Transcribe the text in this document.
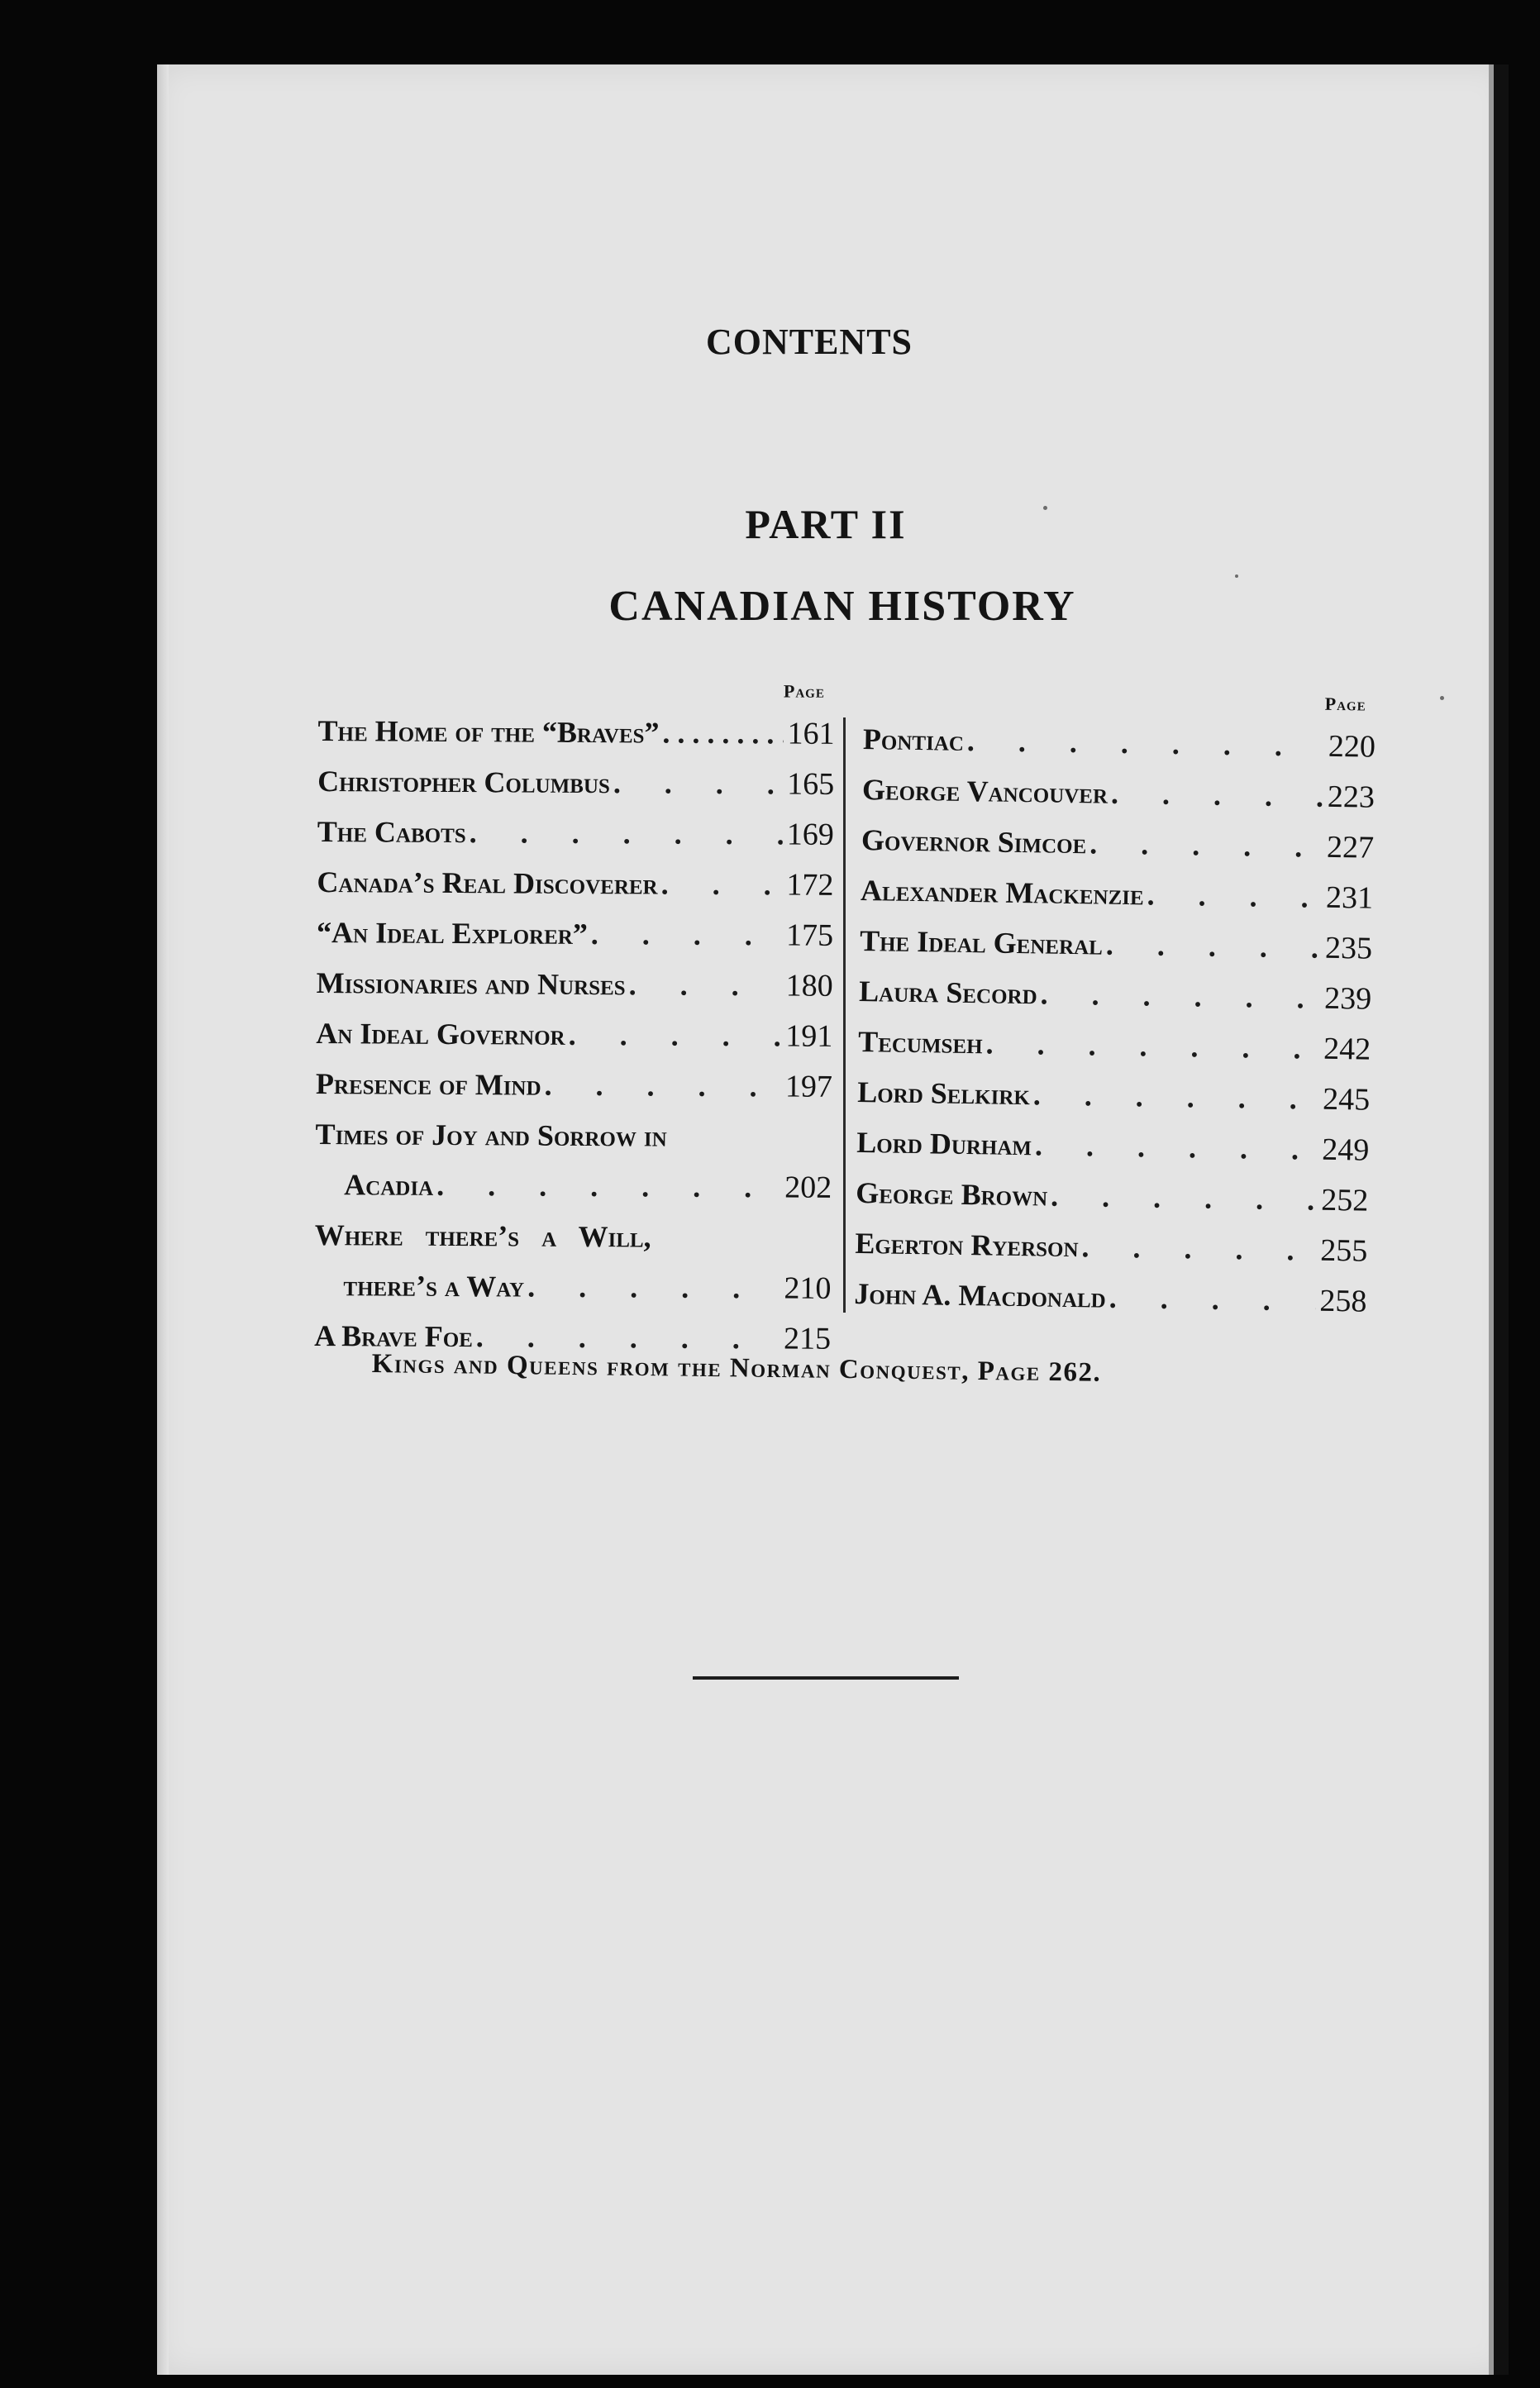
CONTENTS
PART II
CANADIAN HISTORY
Page
The Home of the “Braves” . . .	161
Christopher Columbus . . .	165
The Cabots . . .	169
Canada’s Real Discoverer . . .	172
“An Ideal Explorer” . . .	175
Missionaries and Nurses . . .	180
An Ideal Governor . . .	191
Presence of Mind . . .	197
Times of Joy and Sorrow in
Acadia . . .	202
Where there’s a Will,
there’s a Way . . .	210
A Brave Foe . . .	215
Page
Pontiac . . .	220
George Vancouver . . .	223
Governor Simcoe . . .	227
Alexander Mackenzie . . .	231
The Ideal General . . .	235
Laura Secord . . .	239
Tecumseh . . .	242
Lord Selkirk . . .	245
Lord Durham . . .	249
George Brown . . .	252
Egerton Ryerson . . .	255
John A. Macdonald . . .	258
Kings and Queens from the Norman Conquest, Page 262.
